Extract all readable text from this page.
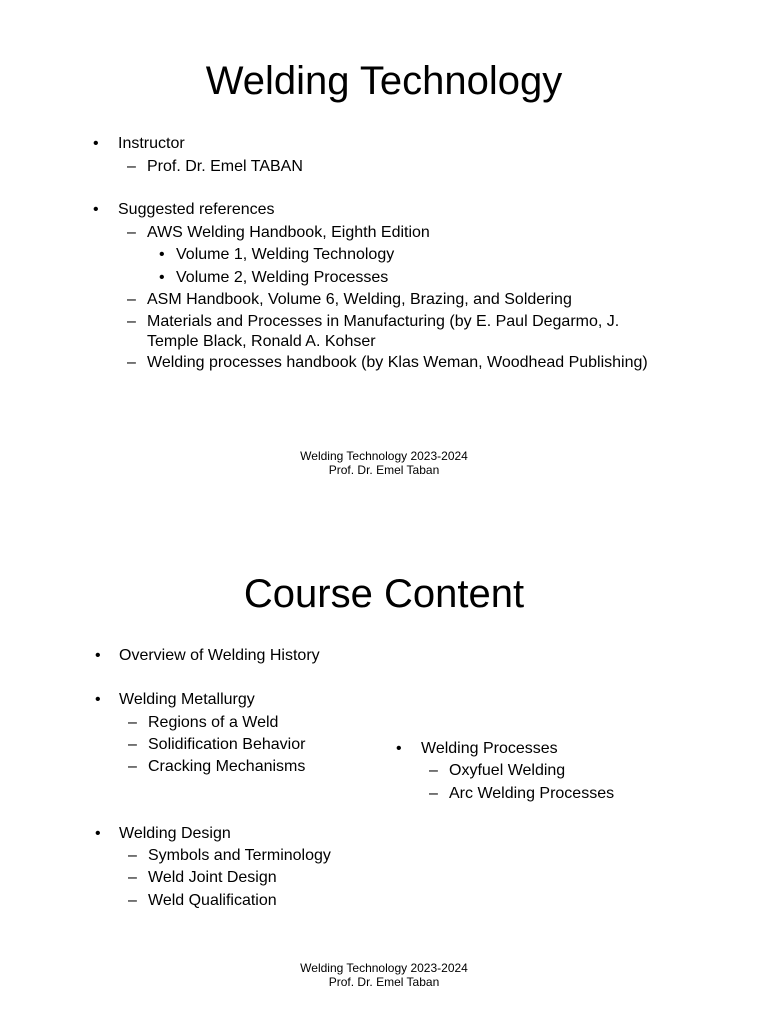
Welding Technology
• Instructor
– Prof. Dr. Emel TABAN
• Suggested references
– AWS Welding Handbook, Eighth Edition
• Volume 1, Welding Technology
• Volume 2, Welding Processes
– ASM Handbook, Volume 6, Welding, Brazing, and Soldering
– Materials and Processes in Manufacturing (by E. Paul Degarmo, J.
Temple Black, Ronald A. Kohser
– Welding processes handbook (by Klas Weman, Woodhead Publishing)
Welding Technology 2023-2024
Prof. Dr. Emel Taban
Course Content
• Overview of Welding History
• Welding Metallurgy
– Regions of a Weld
– Solidification Behavior
– Cracking Mechanisms
• Welding Processes
– Oxyfuel Welding
– Arc Welding Processes
• Welding Design
– Symbols and Terminology
– Weld Joint Design
– Weld Qualification
Welding Technology 2023-2024
Prof. Dr. Emel Taban
